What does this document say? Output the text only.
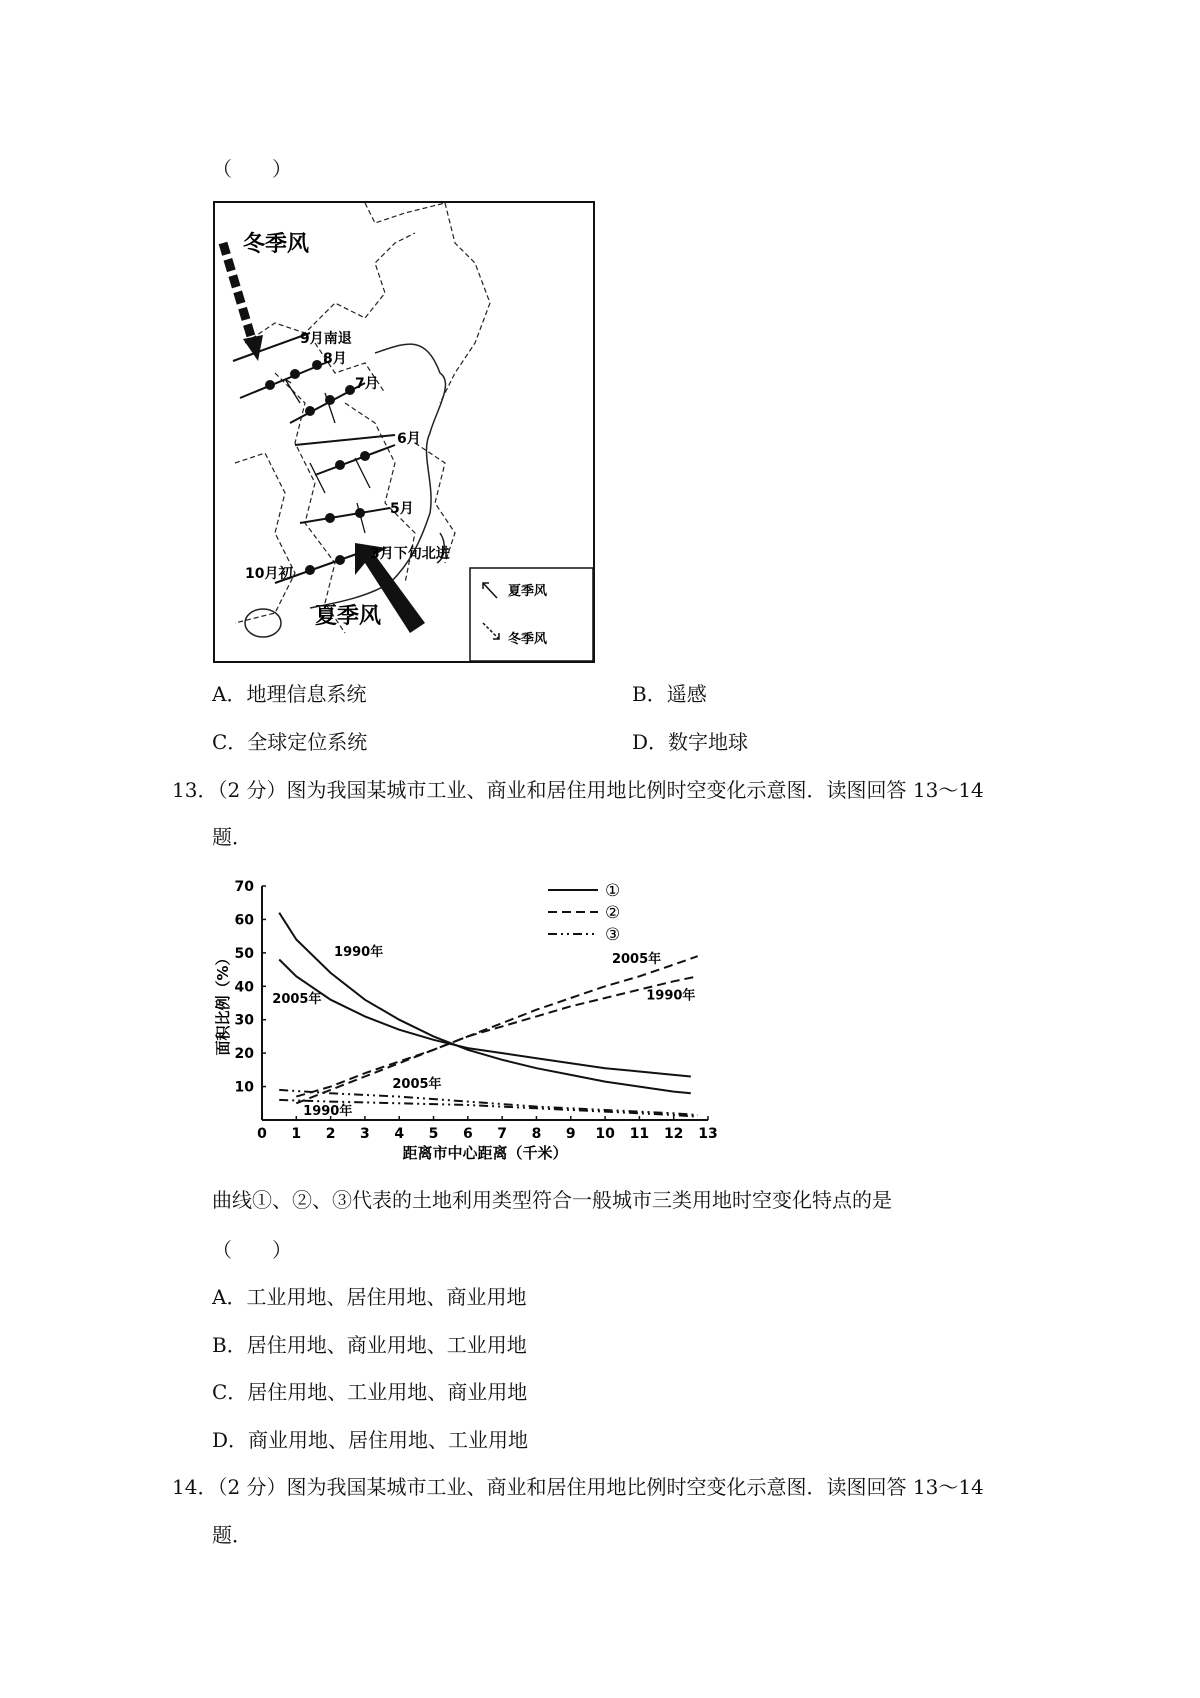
（　　）
冬季风
夏季风
9月南退
8月
7月
6月
5月
3月下旬北进
10月初
夏季风
冬季风
A．地理信息系统	B．遥感
C．全球定位系统	D．数字地球
13．（2 分）图为我国某城市工业、商业和居住用地比例时空变化示意图．读图回答 13～14
题．
0 1 2 3 4 5 6 7 8 9 10 11 12 13
10
20
30
40
50
60
70
距离市中心距离（千米）
面积比例（%）	1990年
2005年
2005年
1990年
2005年
1990年
①
②
③
曲线①、②、③代表的土地利用类型符合一般城市三类用地时空变化特点的是
（　　）
A．工业用地、居住用地、商业用地
B．居住用地、商业用地、工业用地
C．居住用地、工业用地、商业用地
D．商业用地、居住用地、工业用地
14．（2 分）图为我国某城市工业、商业和居住用地比例时空变化示意图．读图回答 13～14
题．
